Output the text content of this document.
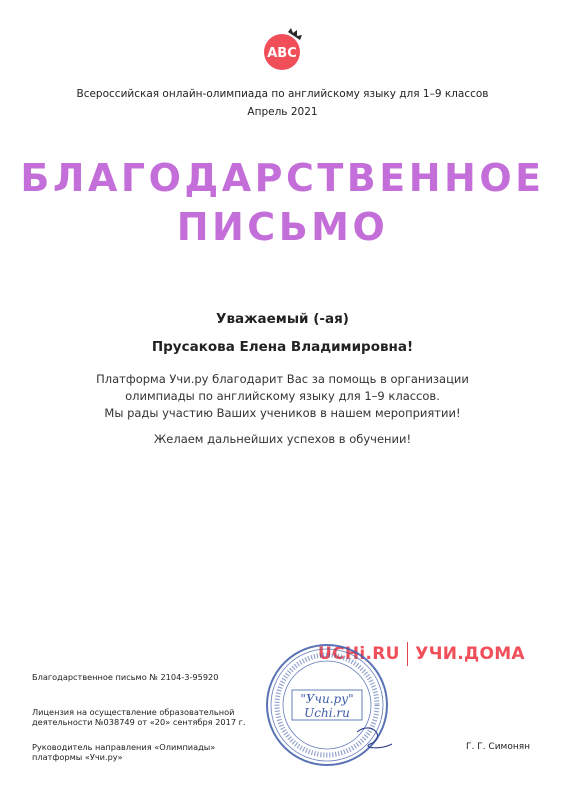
ABC
Всероссийская онлайн-олимпиада по английскому языку для 1–9 классов
Апрель 2021
БЛАГОДАРСТВЕННОЕ
ПИСЬМО
Уважаемый (-ая)
Прусакова Елена Владимировна!
Платформа Учи.ру благодарит Вас за помощь в организации
олимпиады по английскому языку для 1–9 классов.
Мы рады участию Ваших учеников в нашем мероприятии!
Желаем дальнейших успехов в обучении!
UCHi.RU УЧИ.ДОМА
Благодарственное письмо № 2104-3-95920
Лицензия на осуществление образовательной
деятельности №038749 от «20» сентября 2017 г.
Руководитель направления «Олимпиады»
платформы «Учи.ру»
Г. Г. Симонян
"Учи.ру"
Uchi.ru
